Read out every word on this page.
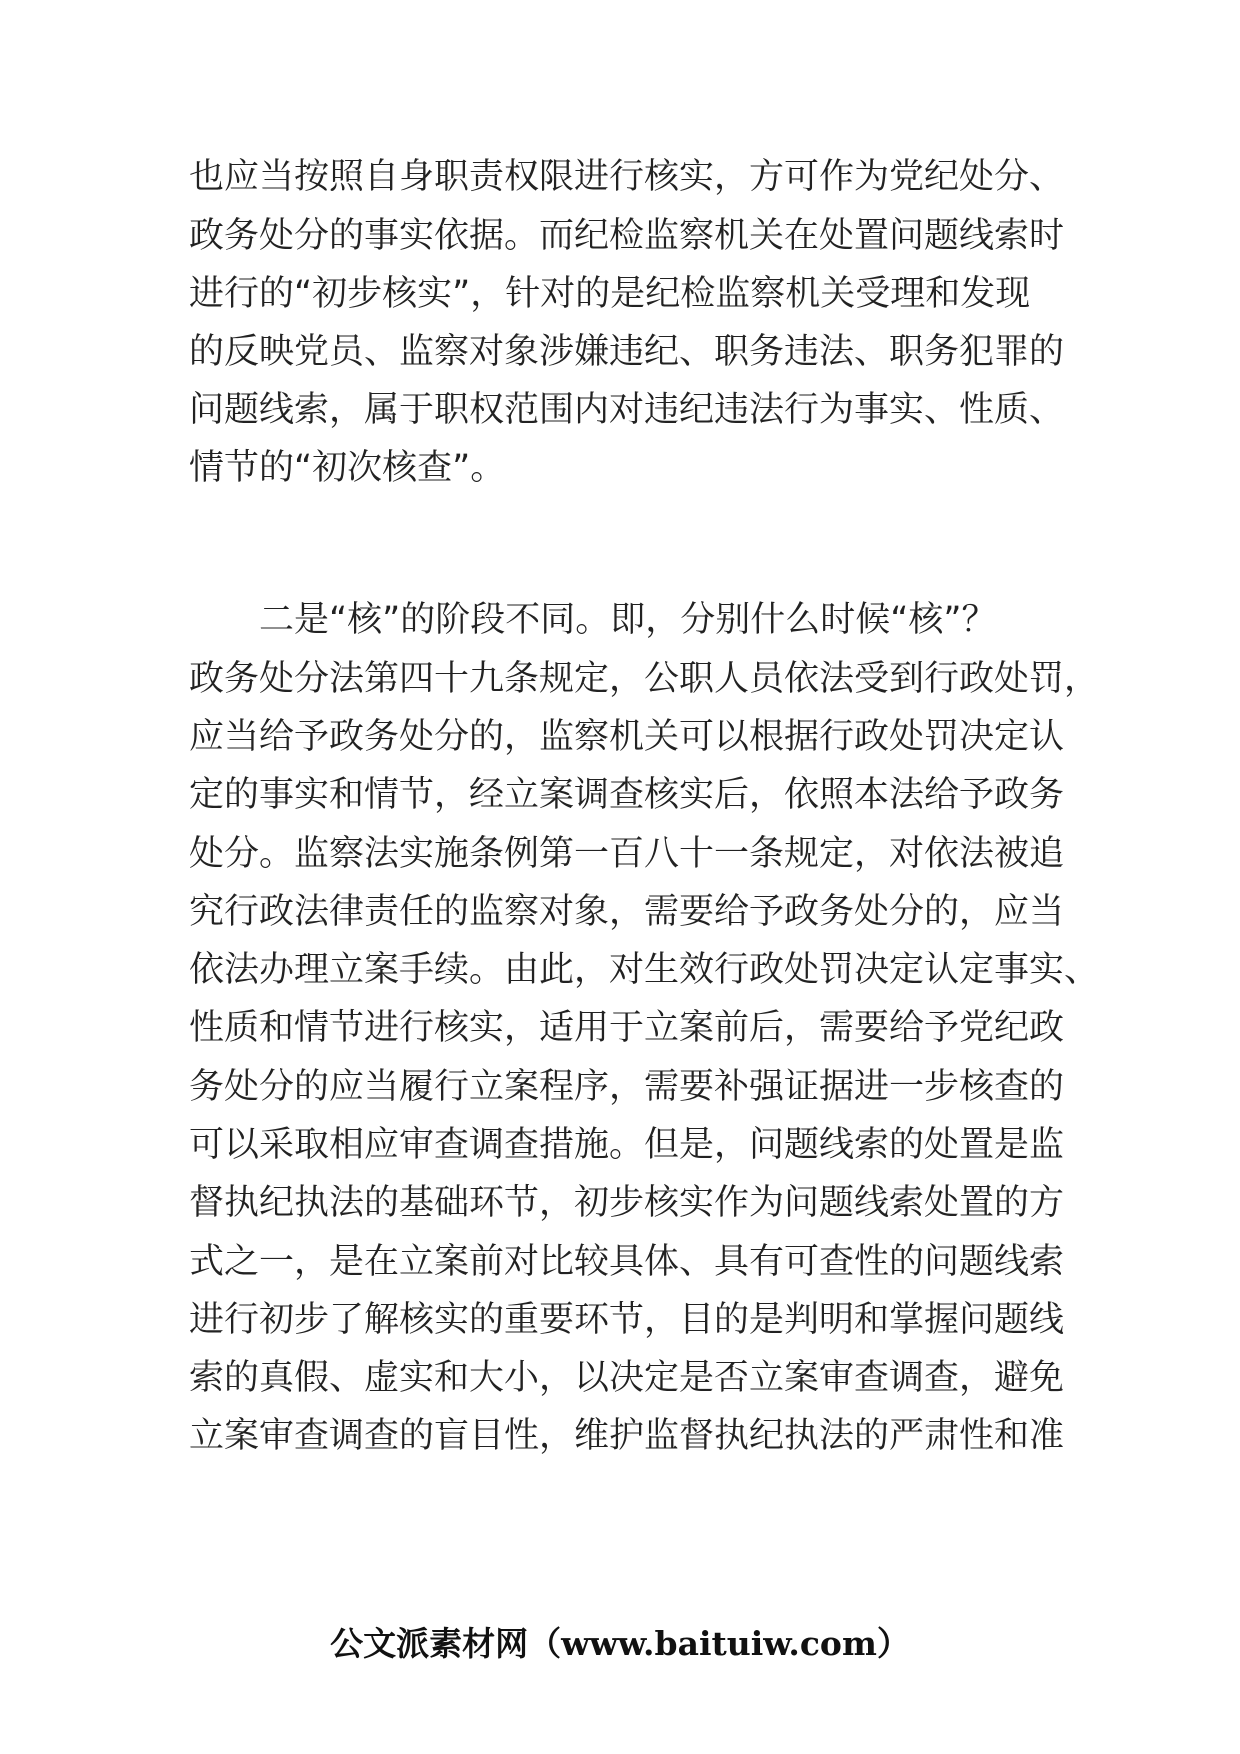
也应当按照自身职责权限进行核实，方可作为党纪处分、
政务处分的事实依据。而纪检监察机关在处置问题线索时
进行的“初步核实”，针对的是纪检监察机关受理和发现
的反映党员、监察对象涉嫌违纪、职务违法、职务犯罪的
问题线索，属于职权范围内对违纪违法行为事实、性质、
情节的“初次核查”。
二是“核”的阶段不同。即，分别什么时候“核”？
政务处分法第四十九条规定，公职人员依法受到行政处罚，
应当给予政务处分的，监察机关可以根据行政处罚决定认
定的事实和情节，经立案调查核实后，依照本法给予政务
处分。监察法实施条例第一百八十一条规定，对依法被追
究行政法律责任的监察对象，需要给予政务处分的，应当
依法办理立案手续。由此，对生效行政处罚决定认定事实、
性质和情节进行核实，适用于立案前后，需要给予党纪政
务处分的应当履行立案程序，需要补强证据进一步核查的
可以采取相应审查调查措施。但是，问题线索的处置是监
督执纪执法的基础环节，初步核实作为问题线索处置的方
式之一，是在立案前对比较具体、具有可查性的问题线索
进行初步了解核实的重要环节，目的是判明和掌握问题线
索的真假、虚实和大小，以决定是否立案审查调查，避免
立案审查调查的盲目性，维护监督执纪执法的严肃性和准
公文派素材网（www.baituiw.com）
